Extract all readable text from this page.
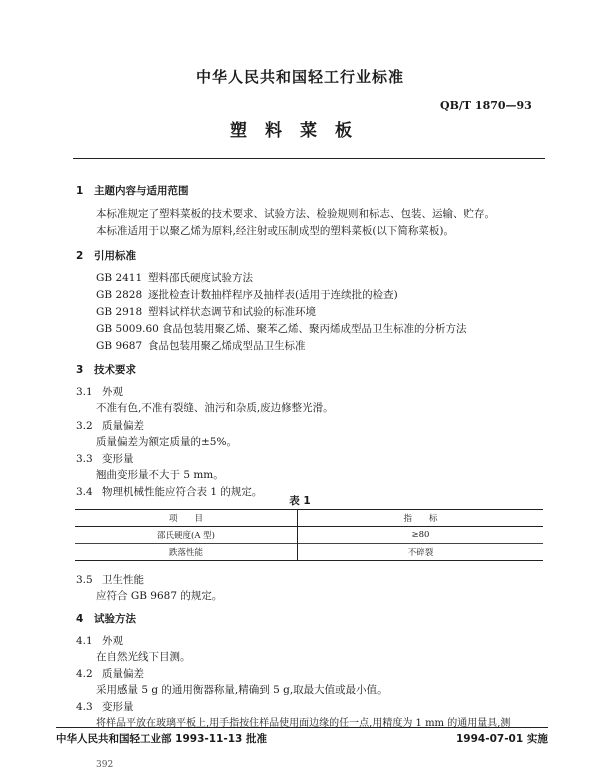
中华人民共和国轻工行业标准
QB/T 1870—93
塑料菜板
1 主题内容与适用范围
本标准规定了塑料菜板的技术要求、试验方法、检验规则和标志、包装、运输、贮存。
本标准适用于以聚乙烯为原料,经注射或压制成型的塑料菜板(以下简称菜板)。
2 引用标准
GB 2411 塑料邵氏硬度试验方法
GB 2828 逐批检查计数抽样程序及抽样表(适用于连续批的检查)
GB 2918 塑料试样状态调节和试验的标准环境
GB 5009.60 食品包装用聚乙烯、聚苯乙烯、聚丙烯成型品卫生标准的分析方法
GB 9687 食品包装用聚乙烯成型品卫生标准
3 技术要求
3.1 外观
不准有色,不准有裂缝、油污和杂质,废边修整光滑。
3.2 质量偏差
质量偏差为额定质量的±5%。
3.3 变形量
翘曲变形量不大于 5 mm。
3.4 物理机械性能应符合表 1 的规定。
表 1
项　　目	指　　标
邵氏硬度(A 型)	≥80
跌落性能	不碎裂
3.5 卫生性能
应符合 GB 9687 的规定。
4 试验方法
4.1 外观
在自然光线下目测。
4.2 质量偏差
采用感量 5 g 的通用衡器称量,精确到 5 g,取最大值或最小值。
4.3 变形量
将样品平放在玻璃平板上,用手指按住样品使用面边缘的任一点,用精度为 1 mm 的通用量具,测
中华人民共和国轻工业部 1993-11-13 批准	1994-07-01 实施
392
